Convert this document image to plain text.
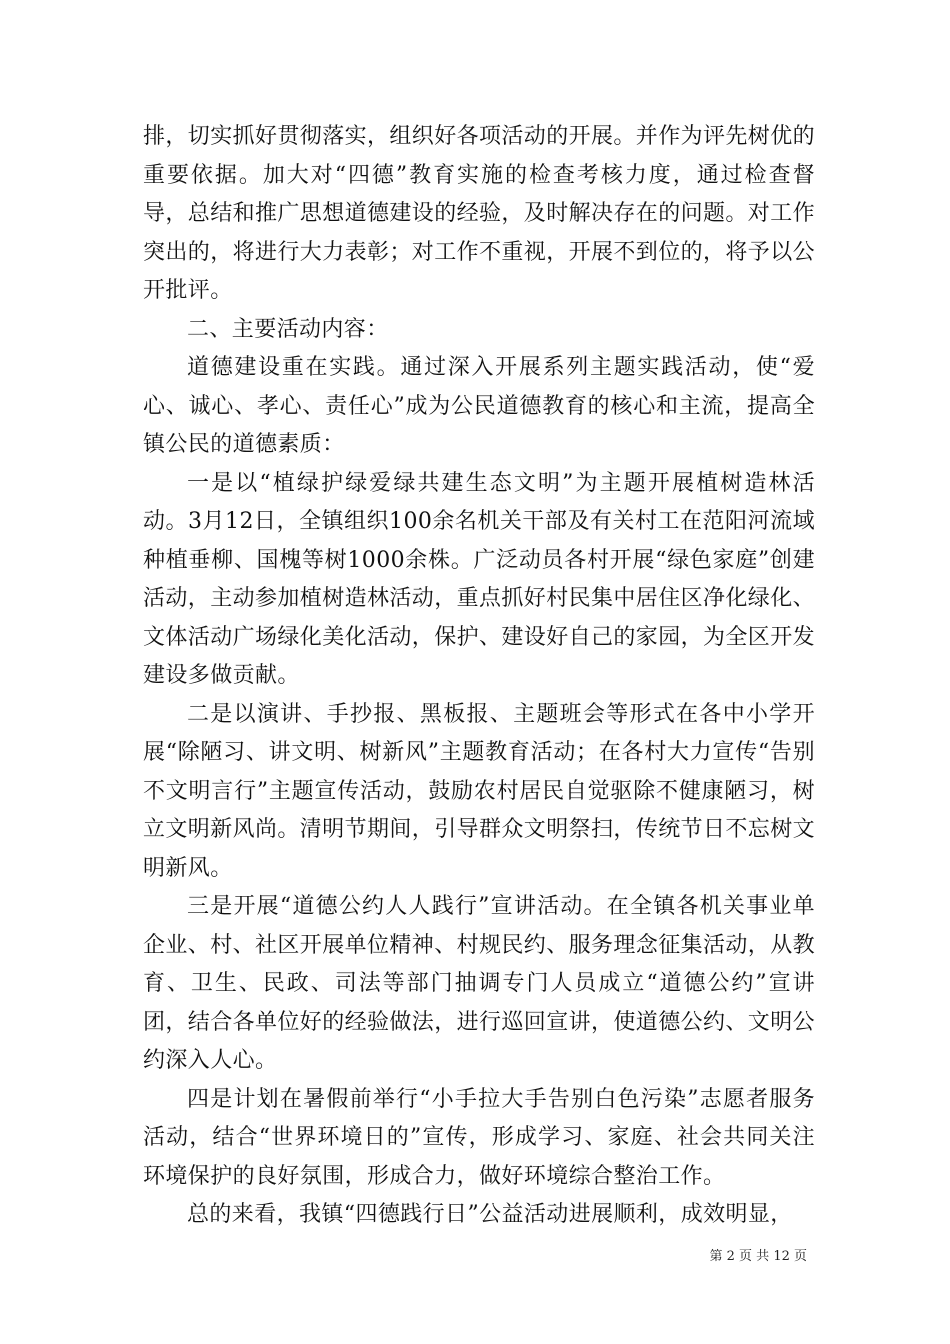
排，切实抓好贯彻落实，组织好各项活动的开展。并作为评先树优的重要依据。加大对“四德”教育实施的检查考核力度，通过检查督导，总结和推广思想道德建设的经验，及时解决存在的问题。对工作突出的，将进行大力表彰；对工作不重视，开展不到位的，将予以公开批评。

二、主要活动内容：

道德建设重在实践。通过深入开展系列主题实践活动，使“爱心、诚心、孝心、责任心”成为公民道德教育的核心和主流，提高全镇公民的道德素质：

一是以“植绿护绿爱绿共建生态文明”为主题开展植树造林活动。3月12日，全镇组织100余名机关干部及有关村工在范阳河流域种植垂柳、国槐等树1000余株。广泛动员各村开展“绿色家庭”创建活动，主动参加植树造林活动，重点抓好村民集中居住区净化绿化、文体活动广场绿化美化活动，保护、建设好自己的家园，为全区开发建设多做贡献。

二是以演讲、手抄报、黑板报、主题班会等形式在各中小学开展“除陋习、讲文明、树新风”主题教育活动；在各村大力宣传“告别不文明言行”主题宣传活动，鼓励农村居民自觉驱除不健康陋习，树立文明新风尚。清明节期间，引导群众文明祭扫，传统节日不忘树文明新风。

三是开展“道德公约人人践行”宣讲活动。在全镇各机关事业单企业、村、社区开展单位精神、村规民约、服务理念征集活动，从教育、卫生、民政、司法等部门抽调专门人员成立“道德公约”宣讲团，结合各单位好的经验做法，进行巡回宣讲，使道德公约、文明公约深入人心。

四是计划在暑假前举行“小手拉大手告别白色污染”志愿者服务活动，结合“世界环境日的”宣传，形成学习、家庭、社会共同关注环境保护的良好氛围，形成合力，做好环境综合整治工作。

总的来看，我镇“四德践行日”公益活动进展顺利，成效明显，

第 2 页 共 12 页
